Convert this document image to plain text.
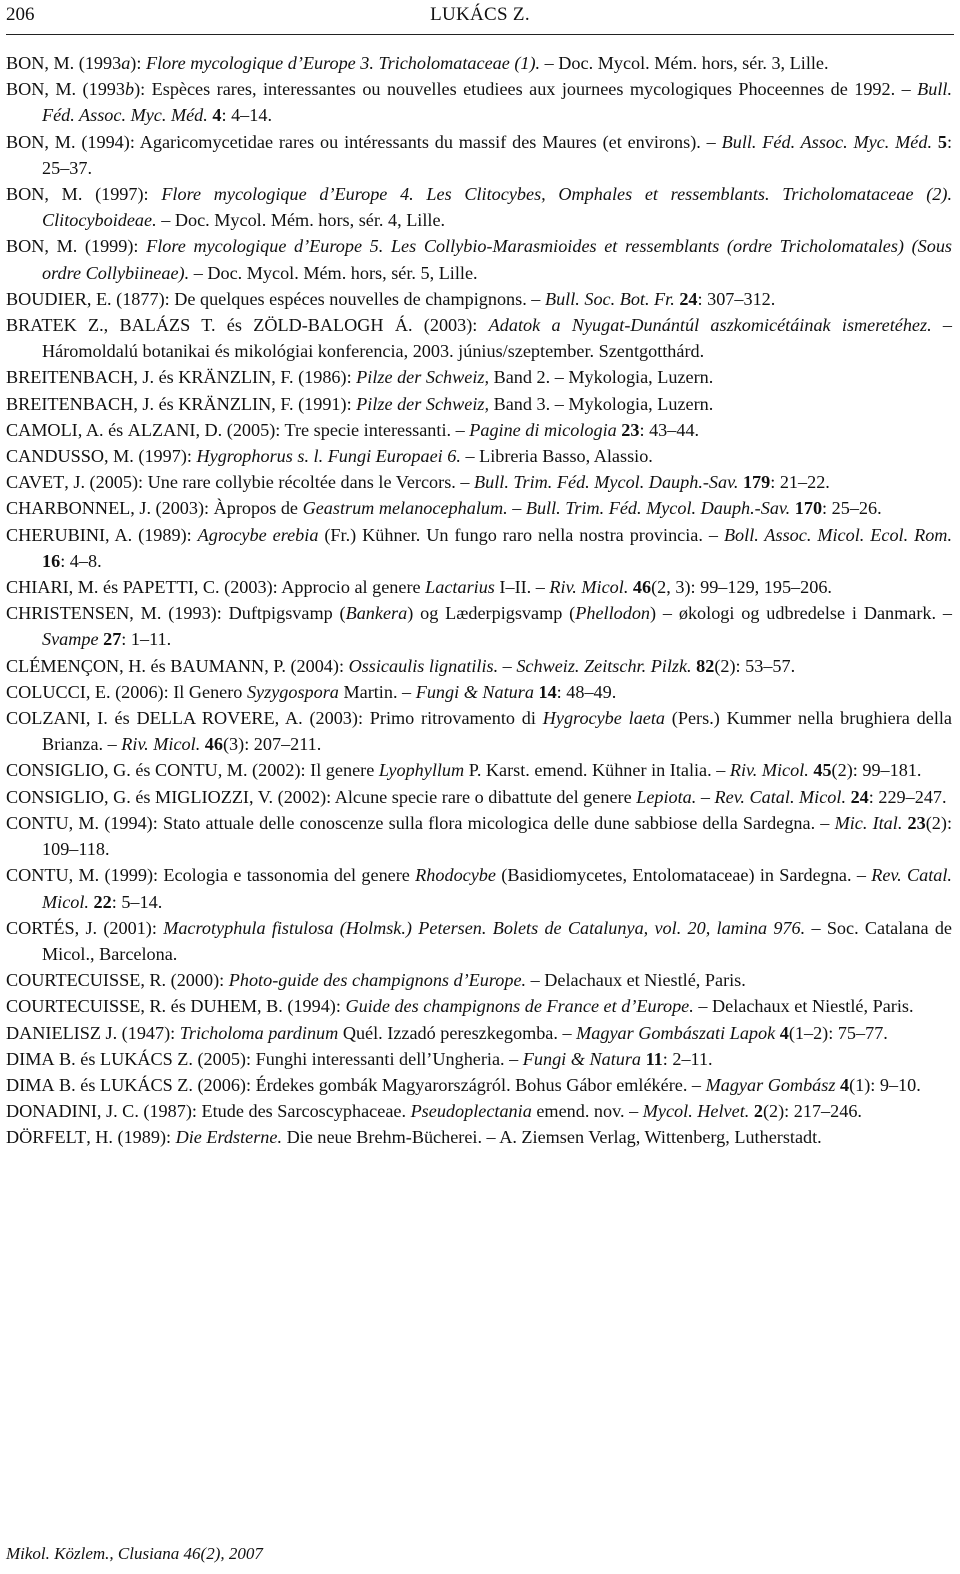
206	LUKÁCS Z.
BON, M. (1993a): Flore mycologique d’Europe 3. Tricholomataceae (1). – Doc. Mycol. Mém. hors, sér. 3, Lille.
BON, M. (1993b): Espèces rares, interessantes ou nouvelles etudiees aux journees mycologiques Phoceennes de 1992. – Bull. Féd. Assoc. Myc. Méd. 4: 4–14.
BON, M. (1994): Agaricomycetidae rares ou intéressants du massif des Maures (et environs). – Bull. Féd. Assoc. Myc. Méd. 5: 25–37.
BON, M. (1997): Flore mycologique d’Europe 4. Les Clitocybes, Omphales et ressemblants. Tricholomataceae (2). Clitocyboideae. – Doc. Mycol. Mém. hors, sér. 4, Lille.
BON, M. (1999): Flore mycologique d’Europe 5. Les Collybio-Marasmioides et ressemblants (ordre Tricholomatales) (Sous ordre Collybiineae). – Doc. Mycol. Mém. hors, sér. 5, Lille.
BOUDIER, E. (1877): De quelques espéces nouvelles de champignons. – Bull. Soc. Bot. Fr. 24: 307–312.
BRATEK Z., BALÁZS T. és ZÖLD-BALOGH Á. (2003): Adatok a Nyugat-Dunántúl aszkomicétáinak ismeretéhez. – Háromoldalú botanikai és mikológiai konferencia, 2003. június/szeptember. Szentgotthárd.
BREITENBACH, J. és KRÄNZLIN, F. (1986): Pilze der Schweiz, Band 2. – Mykologia, Luzern.
BREITENBACH, J. és KRÄNZLIN, F. (1991): Pilze der Schweiz, Band 3. – Mykologia, Luzern.
CAMOLI, A. és ALZANI, D. (2005): Tre specie interessanti. – Pagine di micologia 23: 43–44.
CANDUSSO, M. (1997): Hygrophorus s. l. Fungi Europaei 6. – Libreria Basso, Alassio.
CAVET, J. (2005): Une rare collybie récoltée dans le Vercors. – Bull. Trim. Féd. Mycol. Dauph.-Sav. 179: 21–22.
CHARBONNEL, J. (2003): Àpropos de Geastrum melanocephalum. – Bull. Trim. Féd. Mycol. Dauph.-Sav. 170: 25–26.
CHERUBINI, A. (1989): Agrocybe erebia (Fr.) Kühner. Un fungo raro nella nostra provincia. – Boll. Assoc. Micol. Ecol. Rom. 16: 4–8.
CHIARI, M. és PAPETTI, C. (2003): Approcio al genere Lactarius I–II. – Riv. Micol. 46(2, 3): 99–129, 195–206.
CHRISTENSEN, M. (1993): Duftpigsvamp (Bankera) og Læderpigsvamp (Phellodon) – økologi og udbredelse i Danmark. – Svampe 27: 1–11.
CLÉMENÇON, H. és BAUMANN, P. (2004): Ossicaulis lignatilis. – Schweiz. Zeitschr. Pilzk. 82(2): 53–57.
COLUCCI, E. (2006): Il Genero Syzygospora Martin. – Fungi & Natura 14: 48–49.
COLZANI, I. és DELLA ROVERE, A. (2003): Primo ritrovamento di Hygrocybe laeta (Pers.) Kummer nella brughiera della Brianza. – Riv. Micol. 46(3): 207–211.
CONSIGLIO, G. és CONTU, M. (2002): Il genere Lyophyllum P. Karst. emend. Kühner in Italia. – Riv. Micol. 45(2): 99–181.
CONSIGLIO, G. és MIGLIOZZI, V. (2002): Alcune specie rare o dibattute del genere Lepiota. – Rev. Catal. Micol. 24: 229–247.
CONTU, M. (1994): Stato attuale delle conoscenze sulla flora micologica delle dune sabbiose della Sardegna. – Mic. Ital. 23(2): 109–118.
CONTU, M. (1999): Ecologia e tassonomia del genere Rhodocybe (Basidiomycetes, Entolomataceae) in Sardegna. – Rev. Catal. Micol. 22: 5–14.
CORTÉS, J. (2001): Macrotyphula fistulosa (Holmsk.) Petersen. Bolets de Catalunya, vol. 20, lamina 976. – Soc. Catalana de Micol., Barcelona.
COURTECUISSE, R. (2000): Photo-guide des champignons d’Europe. – Delachaux et Niestlé, Paris.
COURTECUISSE, R. és DUHEM, B. (1994): Guide des champignons de France et d’Europe. – Delachaux et Niestlé, Paris.
DANIELISZ J. (1947): Tricholoma pardinum Quél. Izzadó pereszkegomba. – Magyar Gombászati Lapok 4(1–2): 75–77.
DIMA B. és LUKÁCS Z. (2005): Funghi interessanti dell’Ungheria. – Fungi & Natura 11: 2–11.
DIMA B. és LUKÁCS Z. (2006): Érdekes gombák Magyarországról. Bohus Gábor emlékére. – Magyar Gombász 4(1): 9–10.
DONADINI, J. C. (1987): Etude des Sarcoscyphaceae. Pseudoplectania emend. nov. – Mycol. Helvet. 2(2): 217–246.
DÖRFELT, H. (1989): Die Erdsterne. Die neue Brehm-Bücherei. – A. Ziemsen Verlag, Wittenberg, Lutherstadt.
Mikol. Közlem., Clusiana 46(2), 2007
